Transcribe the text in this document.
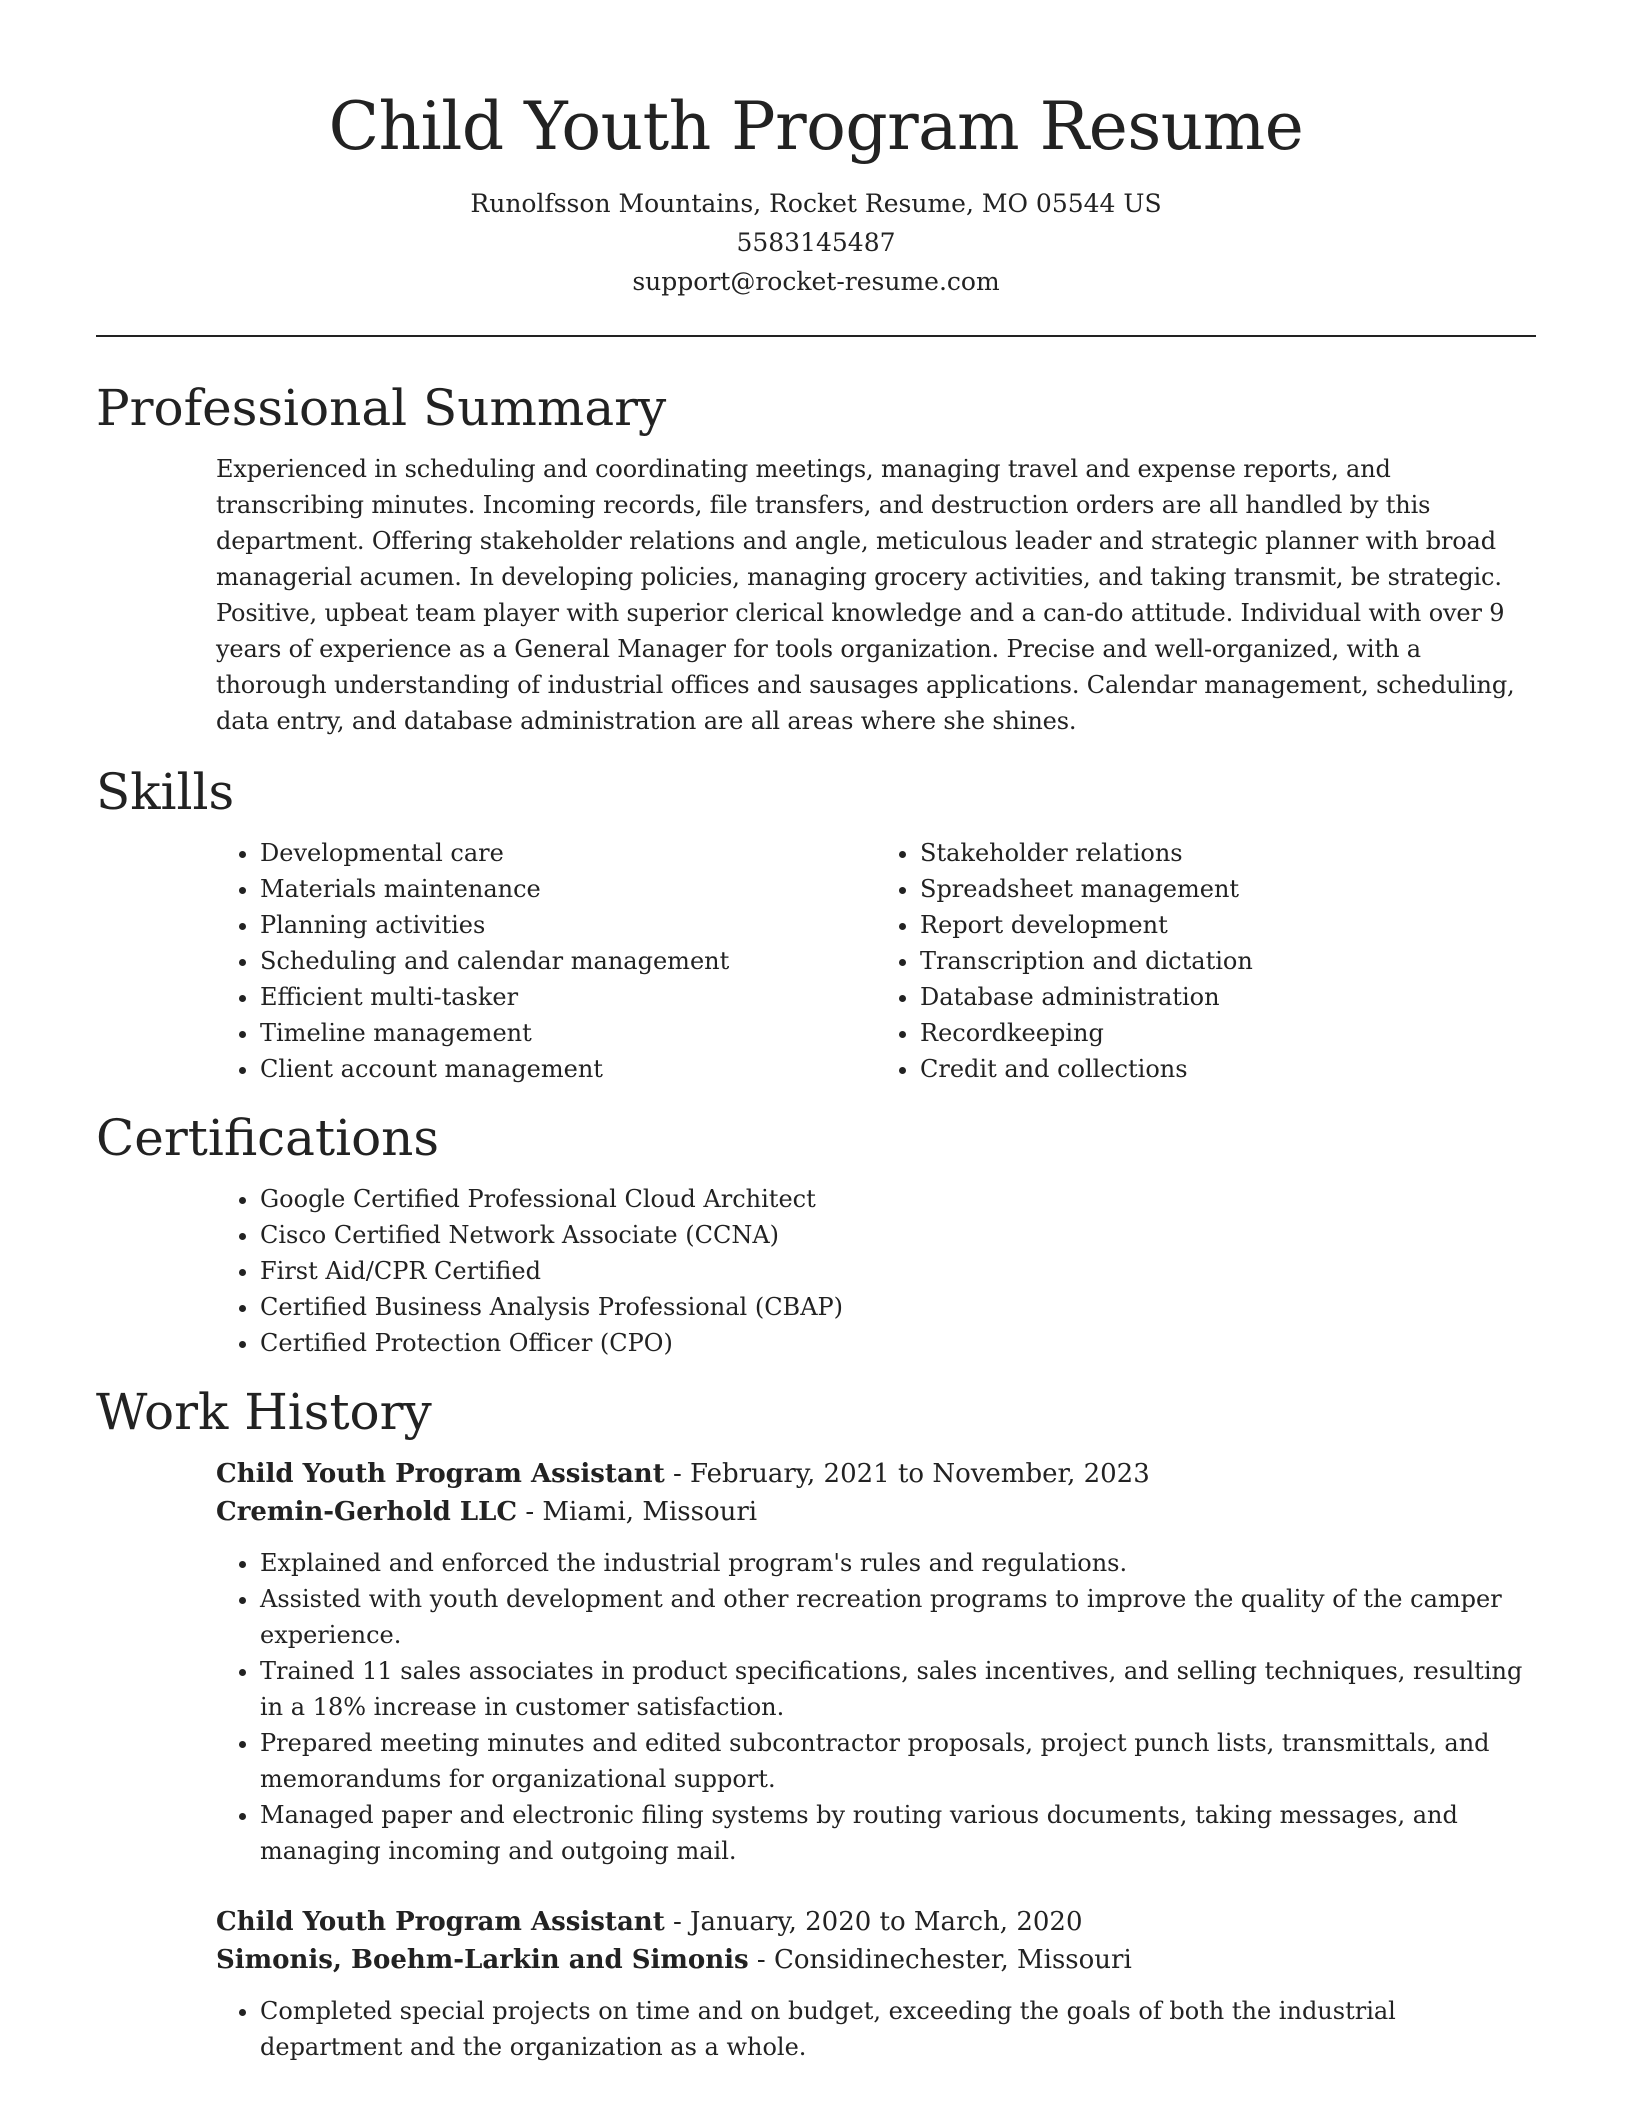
Child Youth Program Resume
Runolfsson Mountains, Rocket Resume, MO 05544 US
5583145487
support@rocket-resume.com
Professional Summary
Experienced in scheduling and coordinating meetings, managing travel and expense reports, and transcribing minutes. Incoming records, file transfers, and destruction orders are all handled by this department. Offering stakeholder relations and angle, meticulous leader and strategic planner with broad managerial acumen. In developing policies, managing grocery activities, and taking transmit, be strategic. Positive, upbeat team player with superior clerical knowledge and a can-do attitude. Individual with over 9 years of experience as a General Manager for tools organization. Precise and well-organized, with a thorough understanding of industrial offices and sausages applications. Calendar management, scheduling, data entry, and database administration are all areas where she shines.
Skills
• Developmental care
• Materials maintenance
• Planning activities
• Scheduling and calendar management
• Efficient multi-tasker
• Timeline management
• Client account management
• Stakeholder relations
• Spreadsheet management
• Report development
• Transcription and dictation
• Database administration
• Recordkeeping
• Credit and collections
Certifications
• Google Certified Professional Cloud Architect
• Cisco Certified Network Associate (CCNA)
• First Aid/CPR Certified
• Certified Business Analysis Professional (CBAP)
• Certified Protection Officer (CPO)
Work History
Child Youth Program Assistant - February, 2021 to November, 2023
Cremin-Gerhold LLC - Miami, Missouri
• Explained and enforced the industrial program's rules and regulations.
• Assisted with youth development and other recreation programs to improve the quality of the camper experience.
• Trained 11 sales associates in product specifications, sales incentives, and selling techniques, resulting in a 18% increase in customer satisfaction.
• Prepared meeting minutes and edited subcontractor proposals, project punch lists, transmittals, and memorandums for organizational support.
• Managed paper and electronic filing systems by routing various documents, taking messages, and managing incoming and outgoing mail.
Child Youth Program Assistant - January, 2020 to March, 2020
Simonis, Boehm-Larkin and Simonis - Considinechester, Missouri
• Completed special projects on time and on budget, exceeding the goals of both the industrial department and the organization as a whole.
